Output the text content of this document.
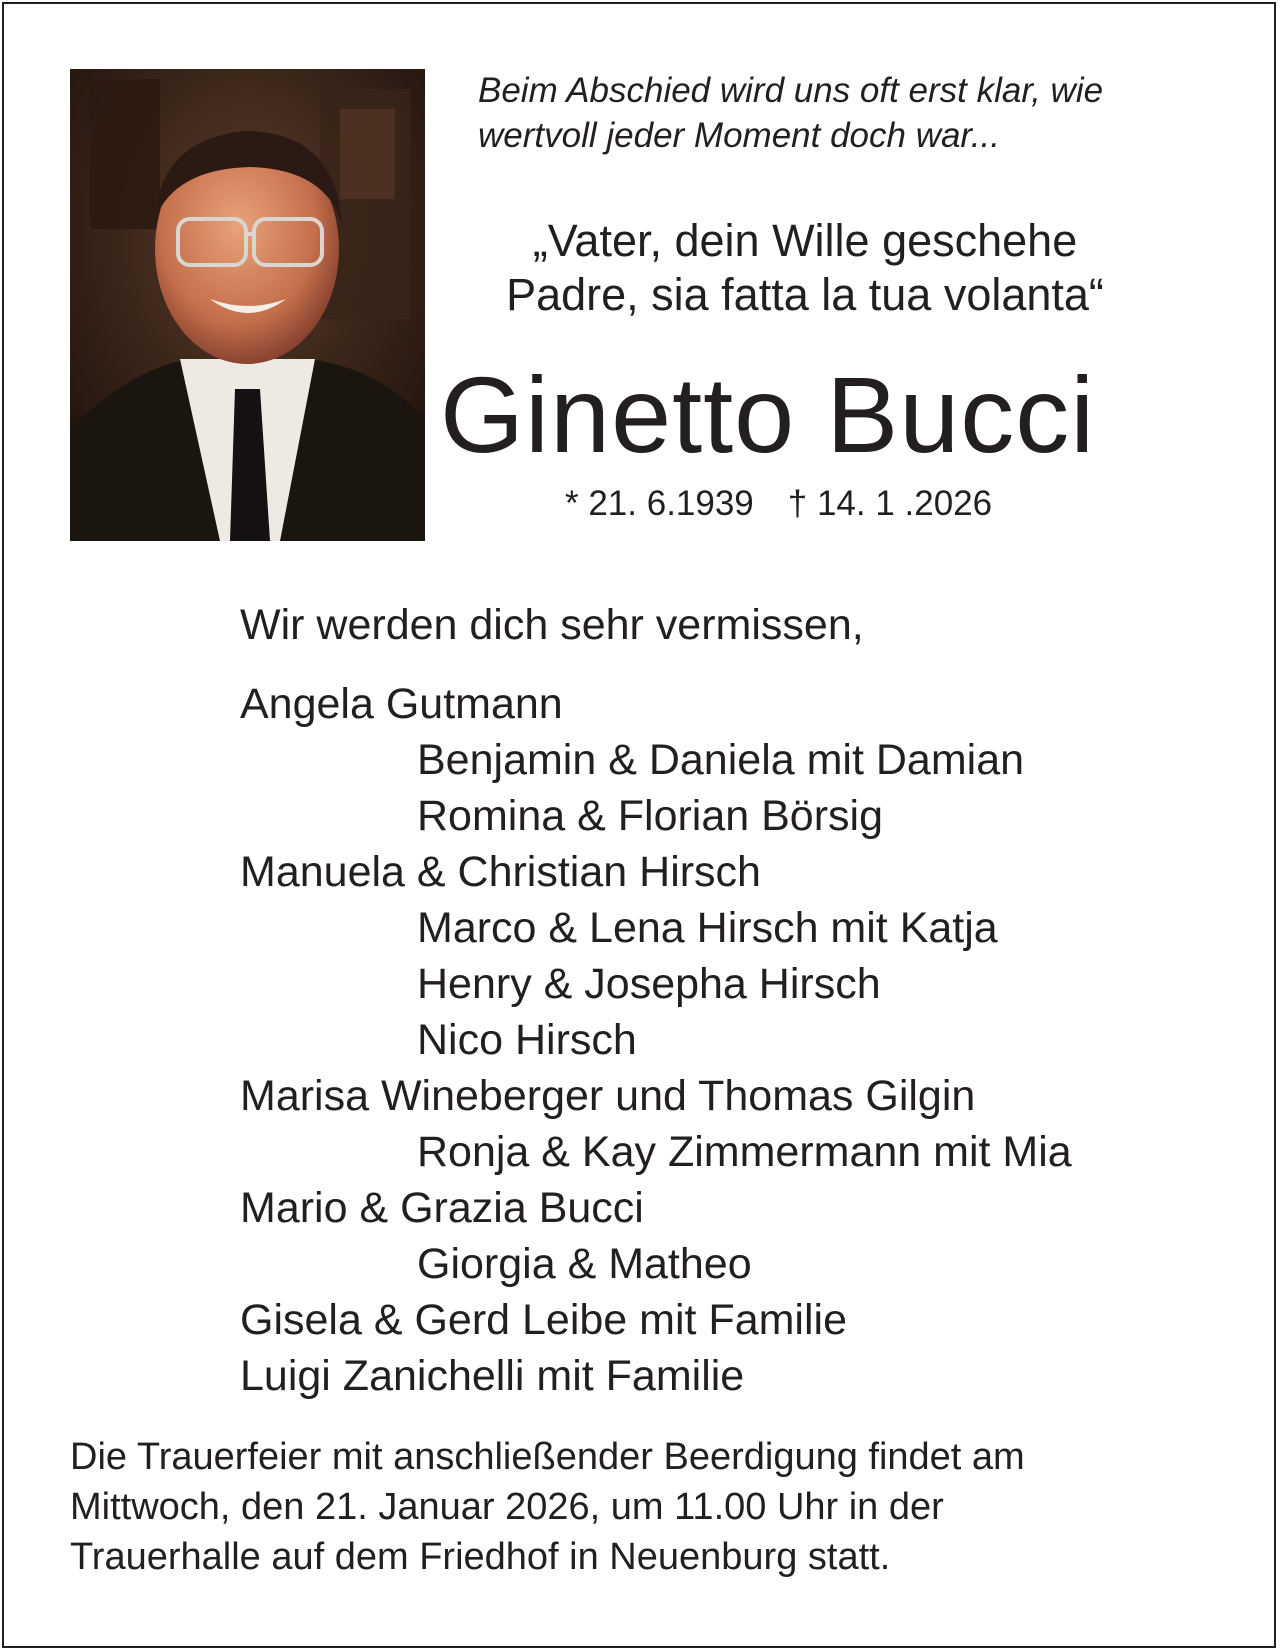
Beim Abschied wird uns oft erst klar, wie
wertvoll jeder Moment doch war...
„Vater, dein Wille geschehe
Padre, sia fatta la tua volanta“
Ginetto Bucci
* 21. 6.1939 † 14. 1 .2026
Wir werden dich sehr vermissen,
Angela Gutmann
Benjamin & Daniela mit Damian
Romina & Florian Börsig
Manuela & Christian Hirsch
Marco & Lena Hirsch mit Katja
Henry & Josepha Hirsch
Nico Hirsch
Marisa Wineberger und Thomas Gilgin
Ronja & Kay Zimmermann mit Mia
Mario & Grazia Bucci
Giorgia & Matheo
Gisela & Gerd Leibe mit Familie
Luigi Zanichelli mit Familie
Die Trauerfeier mit anschließender Beerdigung findet am
Mittwoch, den 21. Januar 2026, um 11.00 Uhr in der
Trauerhalle auf dem Friedhof in Neuenburg statt.
